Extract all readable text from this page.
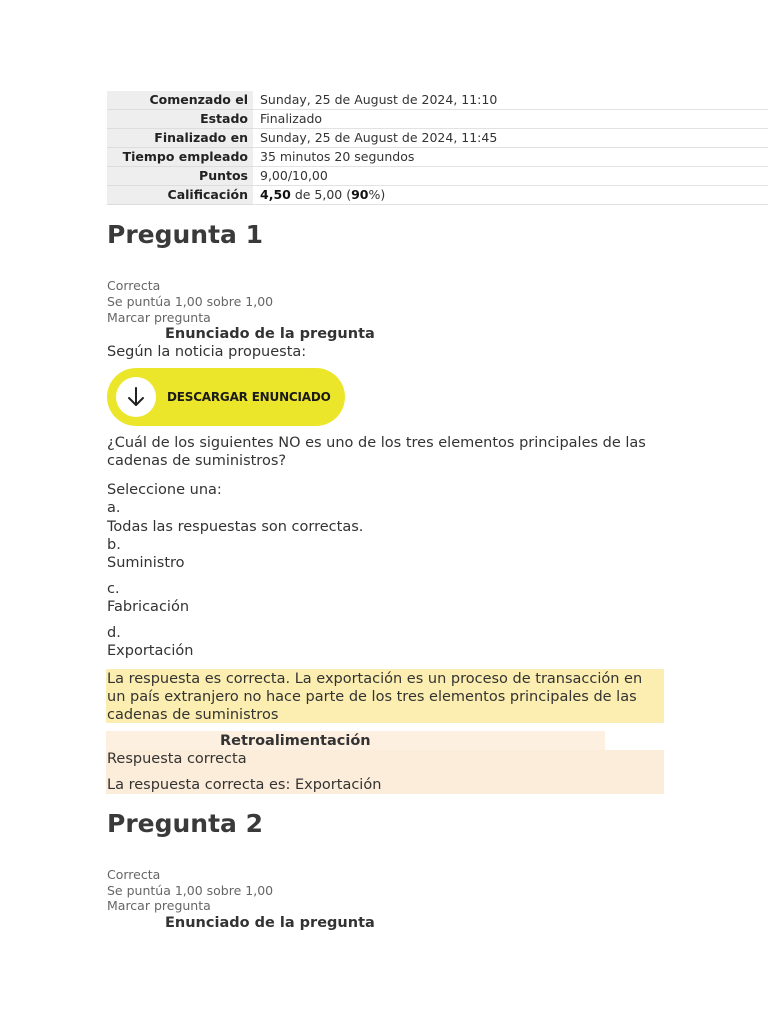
Comenzado el	Sunday, 25 de August de 2024, 11:10
Estado	Finalizado
Finalizado en	Sunday, 25 de August de 2024, 11:45
Tiempo empleado	35 minutos 20 segundos
Puntos	9,00/10,00
Calificación	4,50 de 5,00 (90%)
Pregunta 1
Correcta
Se puntúa 1,00 sobre 1,00
Marcar pregunta
Enunciado de la pregunta
Según la noticia propuesta:
DESCARGAR ENUNCIADO
¿Cuál de los siguientes NO es uno de los tres elementos principales de las
cadenas de suministros?
Seleccione una:
a.
Todas las respuestas son correctas.
b.
Suministro
c.
Fabricación
d.
Exportación
La respuesta es correcta. La exportación es un proceso de transacción en
un país extranjero no hace parte de los tres elementos principales de las
cadenas de suministros
Retroalimentación
Respuesta correcta
La respuesta correcta es: Exportación
Pregunta 2
Correcta
Se puntúa 1,00 sobre 1,00
Marcar pregunta
Enunciado de la pregunta
